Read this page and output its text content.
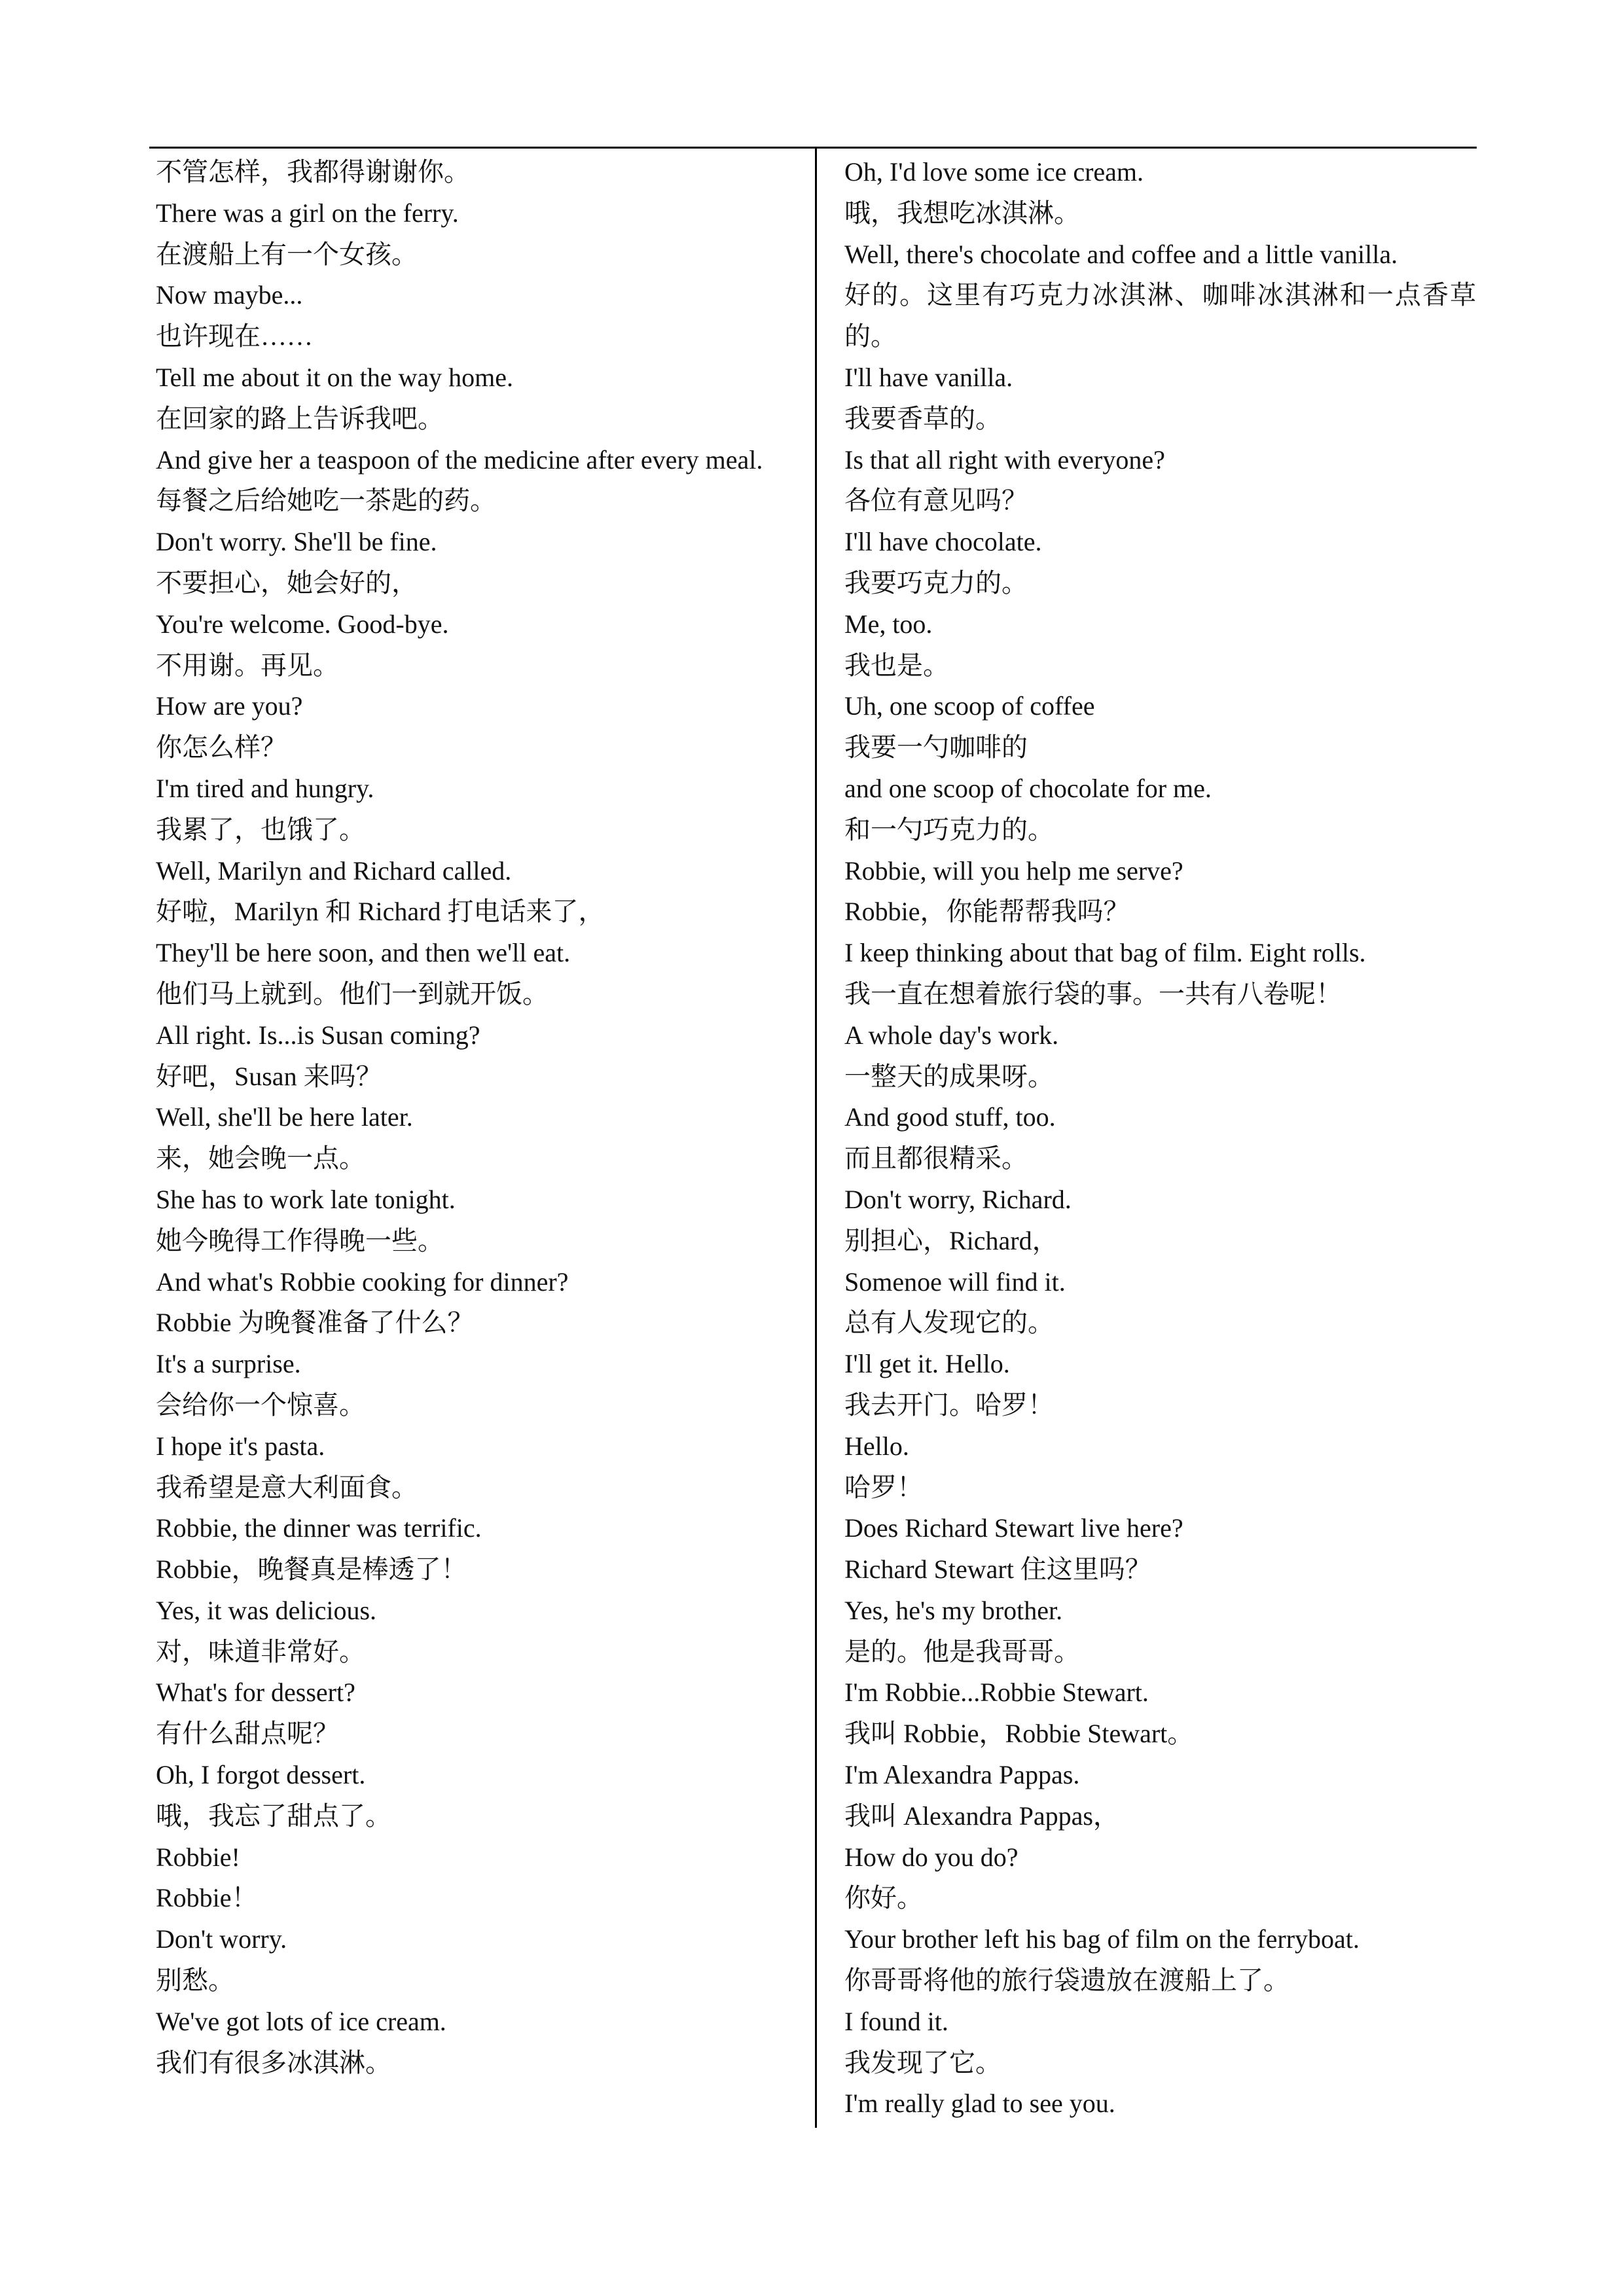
不管怎样，我都得谢谢你。
There was a girl on the ferry.
在渡船上有一个女孩。
Now maybe...
也许现在……
Tell me about it on the way home.
在回家的路上告诉我吧。
And give her a teaspoon of the medicine after every meal.
每餐之后给她吃一茶匙的药。
Don't worry. She'll be fine.
不要担心，她会好的，
You're welcome. Good-bye.
不用谢。再见。
How are you?
你怎么样？
I'm tired and hungry.
我累了，也饿了。
Well, Marilyn and Richard called.
好啦，Marilyn 和 Richard 打电话来了，
They'll be here soon, and then we'll eat.
他们马上就到。他们一到就开饭。
All right. Is...is Susan coming?
好吧，Susan 来吗？
Well, she'll be here later.
来，她会晚一点。
She has to work late tonight.
她今晚得工作得晚一些。
And what's Robbie cooking for dinner?
Robbie 为晚餐准备了什么？
It's a surprise.
会给你一个惊喜。
I hope it's pasta.
我希望是意大利面食。
Robbie, the dinner was terrific.
Robbie，晚餐真是棒透了！
Yes, it was delicious.
对，味道非常好。
What's for dessert?
有什么甜点呢？
Oh, I forgot dessert.
哦，我忘了甜点了。
Robbie!
Robbie！
Don't worry.
别愁。
We've got lots of ice cream.
我们有很多冰淇淋。
Oh, I'd love some ice cream.
哦，我想吃冰淇淋。
Well, there's chocolate and coffee and a little vanilla.
好的。这里有巧克力冰淇淋、咖啡冰淇淋和一点香草的。
I'll have vanilla.
我要香草的。
Is that all right with everyone?
各位有意见吗？
I'll have chocolate.
我要巧克力的。
Me, too.
我也是。
Uh, one scoop of coffee
我要一勺咖啡的
and one scoop of chocolate for me.
和一勺巧克力的。
Robbie, will you help me serve?
Robbie，你能帮帮我吗？
I keep thinking about that bag of film. Eight rolls.
我一直在想着旅行袋的事。一共有八卷呢！
A whole day's work.
一整天的成果呀。
And good stuff, too.
而且都很精采。
Don't worry, Richard.
别担心，Richard，
Somenoe will find it.
总有人发现它的。
I'll get it. Hello.
我去开门。哈罗！
Hello.
哈罗！
Does Richard Stewart live here?
Richard Stewart 住这里吗？
Yes, he's my brother.
是的。他是我哥哥。
I'm Robbie...Robbie Stewart.
我叫 Robbie，Robbie Stewart。
I'm Alexandra Pappas.
我叫 Alexandra Pappas，
How do you do?
你好。
Your brother left his bag of film on the ferryboat.
你哥哥将他的旅行袋遗放在渡船上了。
I found it.
我发现了它。
I'm really glad to see you.
